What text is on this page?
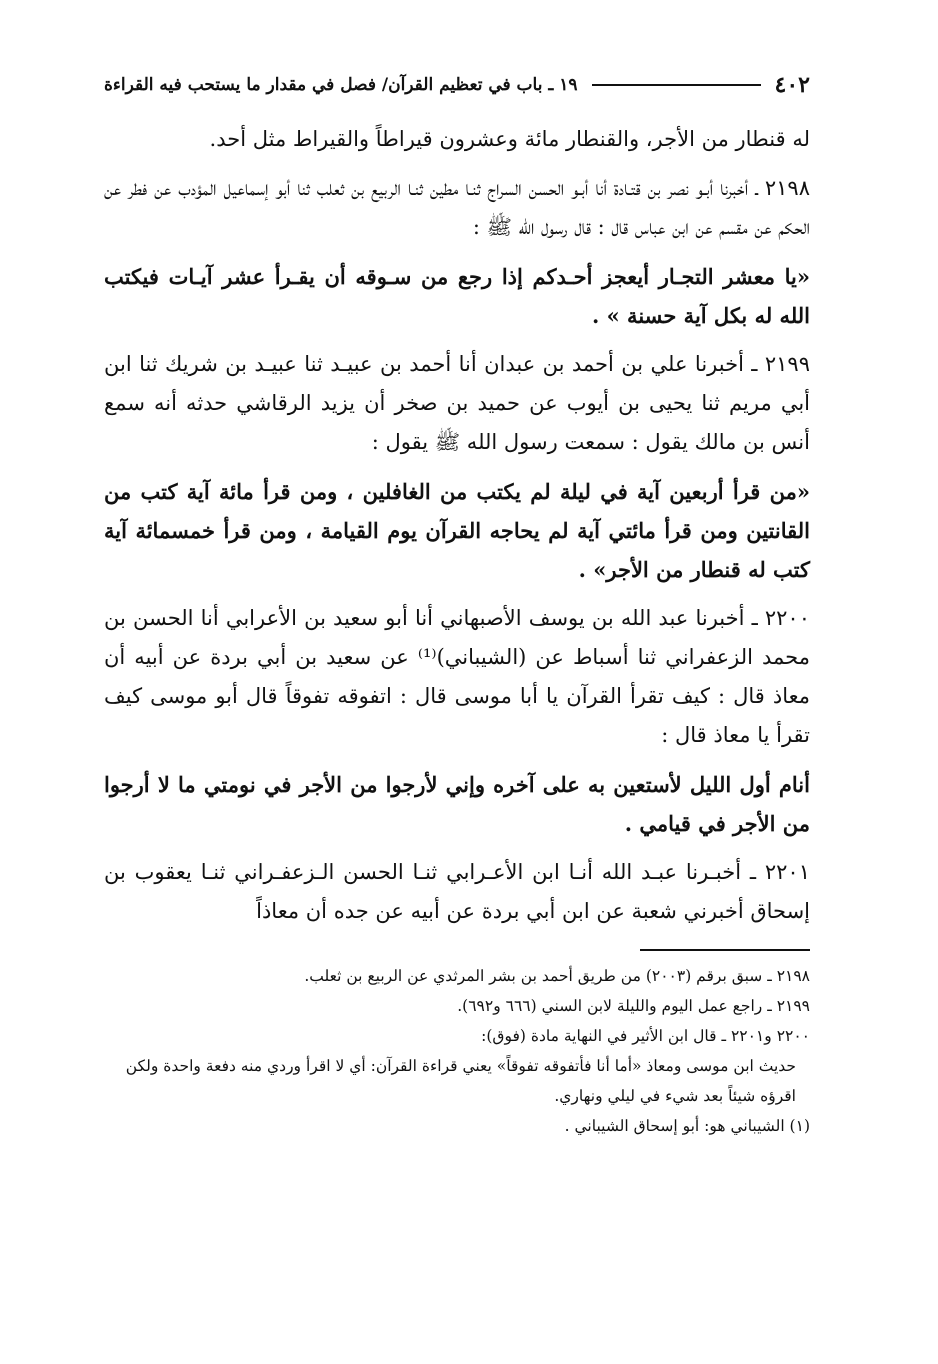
٤٠٢
١٩ ـ باب في تعظيم القرآن/ فصل في مقدار ما يستحب فيه القراءة

له قنطار من الأجر، والقنطار مائة وعشرون قيراطاً والقيراط مثل أحد.

٢١٩٨ ـ أخبرنا أبـو نصر بن قتـادة أنا أبـو الحسن السراج ثنـا مطين ثنـا الربيع بن ثعلب ثنا أبو إسماعيل المؤدب عن فطر عن الحكم عن مقسم عن ابن عباس قال : قال رسول الله ﷺ :

«يا معشر التجـار أيعجز أحـدكم إذا رجع من سـوقه أن يقـرأ عشر آيـات فيكتب الله له بكل آية حسنة » .

٢١٩٩ ـ أخبرنا علي بن أحمد بن عبدان أنا أحمد بن عبيـد ثنا عبيـد بن شريك ثنا ابن أبي مريم ثنا يحيى بن أيوب عن حميد بن صخر أن يزيد الرقاشي حدثه أنه سمع أنس بن مالك يقول : سمعت رسول الله ﷺ يقول :

«من قرأ أربعين آية في ليلة لم يكتب من الغافلين ، ومن قرأ مائة آية كتب من القانتين ومن قرأ مائتي آية لم يحاجه القرآن يوم القيامة ، ومن قرأ خمسمائة آية كتب له قنطار من الأجر» .

٢٢٠٠ ـ أخبرنا عبد الله بن يوسف الأصبهاني أنا أبو سعيد بن الأعرابي أنا الحسن بن محمد الزعفراني ثنا أسباط عن (الشيباني)⁽¹⁾ عن سعيد بن أبي بردة عن أبيه أن معاذ قال : كيف تقرأ القرآن يا أبا موسى قال : اتفوقه تفوقاً قال أبو موسى كيف تقرأ يا معاذ قال :

أنام أول الليل لأستعين به على آخره وإني لأرجوا من الأجر في نومتي ما لا أرجوا من الأجر في قيامي .

٢٢٠١ ـ أخبـرنا عبـد الله أنـا ابن الأعـرابي ثنـا الحسن الـزعفـراني ثنـا يعقوب بن إسحاق أخبرني شعبة عن ابن أبي بردة عن أبيه عن جده أن معاذاً

٢١٩٨ ـ سبق برقم (٢٠٠٣) من طريق أحمد بن بشر المرثدي عن الربيع بن ثعلب.

٢١٩٩ ـ راجع عمل اليوم والليلة لابن السني (٦٦٦ و٦٩٢).

٢٢٠٠ و٢٢٠١ ـ قال ابن الأثير في النهاية مادة (فوق):

حديث ابن موسى ومعاذ «أما أنا فأتفوقه تفوقاً» يعني قراءة القرآن: أي لا اقرأ وردي منه دفعة واحدة ولكن اقرؤه شيئاً بعد شيء في ليلي ونهاري.

(١) الشيباني هو: أبو إسحاق الشيباني .
